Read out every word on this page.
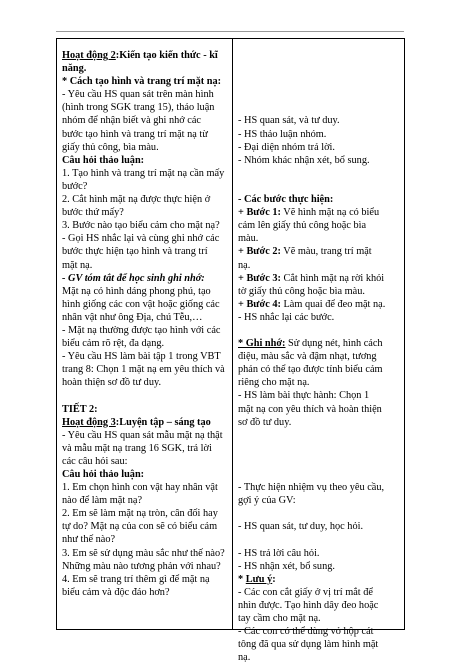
Hoạt động 2:Kiến tạo kiến thức - kĩ năng.
* Cách tạo hình và trang trí mặt nạ:
- Yêu cầu HS quan sát trên màn hình
(hình trong SGK trang 15), thảo luận
nhóm để nhận biết và ghi nhớ các
bước tạo hình và trang trí mặt nạ từ
giấy thủ công, bìa màu.
Câu hỏi thảo luận:
1. Tạo hình và trang trí mặt nạ cần mấy
bước?
2. Cắt hình mặt nạ được thực hiện ở
bước thứ mấy?
3. Bước nào tạo biểu cảm cho mặt nạ?
- Gọi HS nhắc lại và cùng ghi nhớ các
bước thực hiện tạo hình và trang trí
mặt nạ.
- GV tóm tắt để học sinh ghi nhớ:
Mặt nạ có hình dáng phong phú, tạo
hình giống các con vật hoặc giống các
nhân vật như ông Địa, chú Tễu,…
- Mặt nạ thường được tạo hình với các
biểu cảm rõ rệt, đa dạng.
- Yêu cầu HS làm bài tập 1 trong VBT
trang 8: Chọn 1 mặt nạ em yêu thích và
hoàn thiện sơ đồ tư duy.
TIẾT 2:
Hoạt động 3:Luyện tập – sáng tạo
- Yêu cầu HS quan sát mẫu mặt nạ thật
và mẫu mặt nạ trang 16 SGK, trả lời
các câu hỏi sau:
Câu hỏi thảo luận:
1. Em chọn hình con vật hay nhân vật
nào để làm mặt nạ?
2. Em sẽ làm mặt nạ tròn, cân đối hay
tự do? Mặt nạ của con sẽ có biểu cảm
như thế nào?
3. Em sẽ sử dụng màu sắc như thế nào?
Những màu nào tương phản với nhau?
4. Em sẽ trang trí thêm gì để mặt nạ
biểu cảm và độc đáo hơn?
- HS quan sát, và tư duy.
- HS thảo luận nhóm.
- Đại diện nhóm trả lời.
- Nhóm khác nhận xét, bổ sung.
- Các bước thực hiện:
+ Bước 1: Vẽ hình mặt nạ có biểu
cảm lên giấy thủ công hoặc bìa
màu.
+ Bước 2: Vẽ màu, trang trí mặt
nạ.
+ Bước 3: Cắt hình mặt nạ rời khỏi
tờ giấy thủ công hoặc bìa màu.
+ Bước 4: Làm quai để đeo mặt nạ.
- HS nhắc lại các bước.
* Ghi nhớ: Sử dụng nét, hình cách
điệu, màu sắc và đậm nhạt, tương
phản có thể tạo được tính biểu cảm
riêng cho mặt nạ.
- HS làm bài thực hành: Chọn 1
mặt nạ con yêu thích và hoàn thiện
sơ đồ tư duy.
- Thực hiện nhiệm vụ theo yêu cầu,
gợi ý của GV:
- HS quan sát, tư duy, học hỏi.
- HS trả lời câu hỏi.
- HS nhận xét, bổ sung.
* Lưu ý:
- Các con cắt giấy ở vị trí mắt để
nhìn được. Tạo hình dây đeo hoặc
tay cầm cho mặt nạ.
- Các con có thể dùng vỏ hộp cát
tông đã qua sử dụng làm hình mặt
nạ.
